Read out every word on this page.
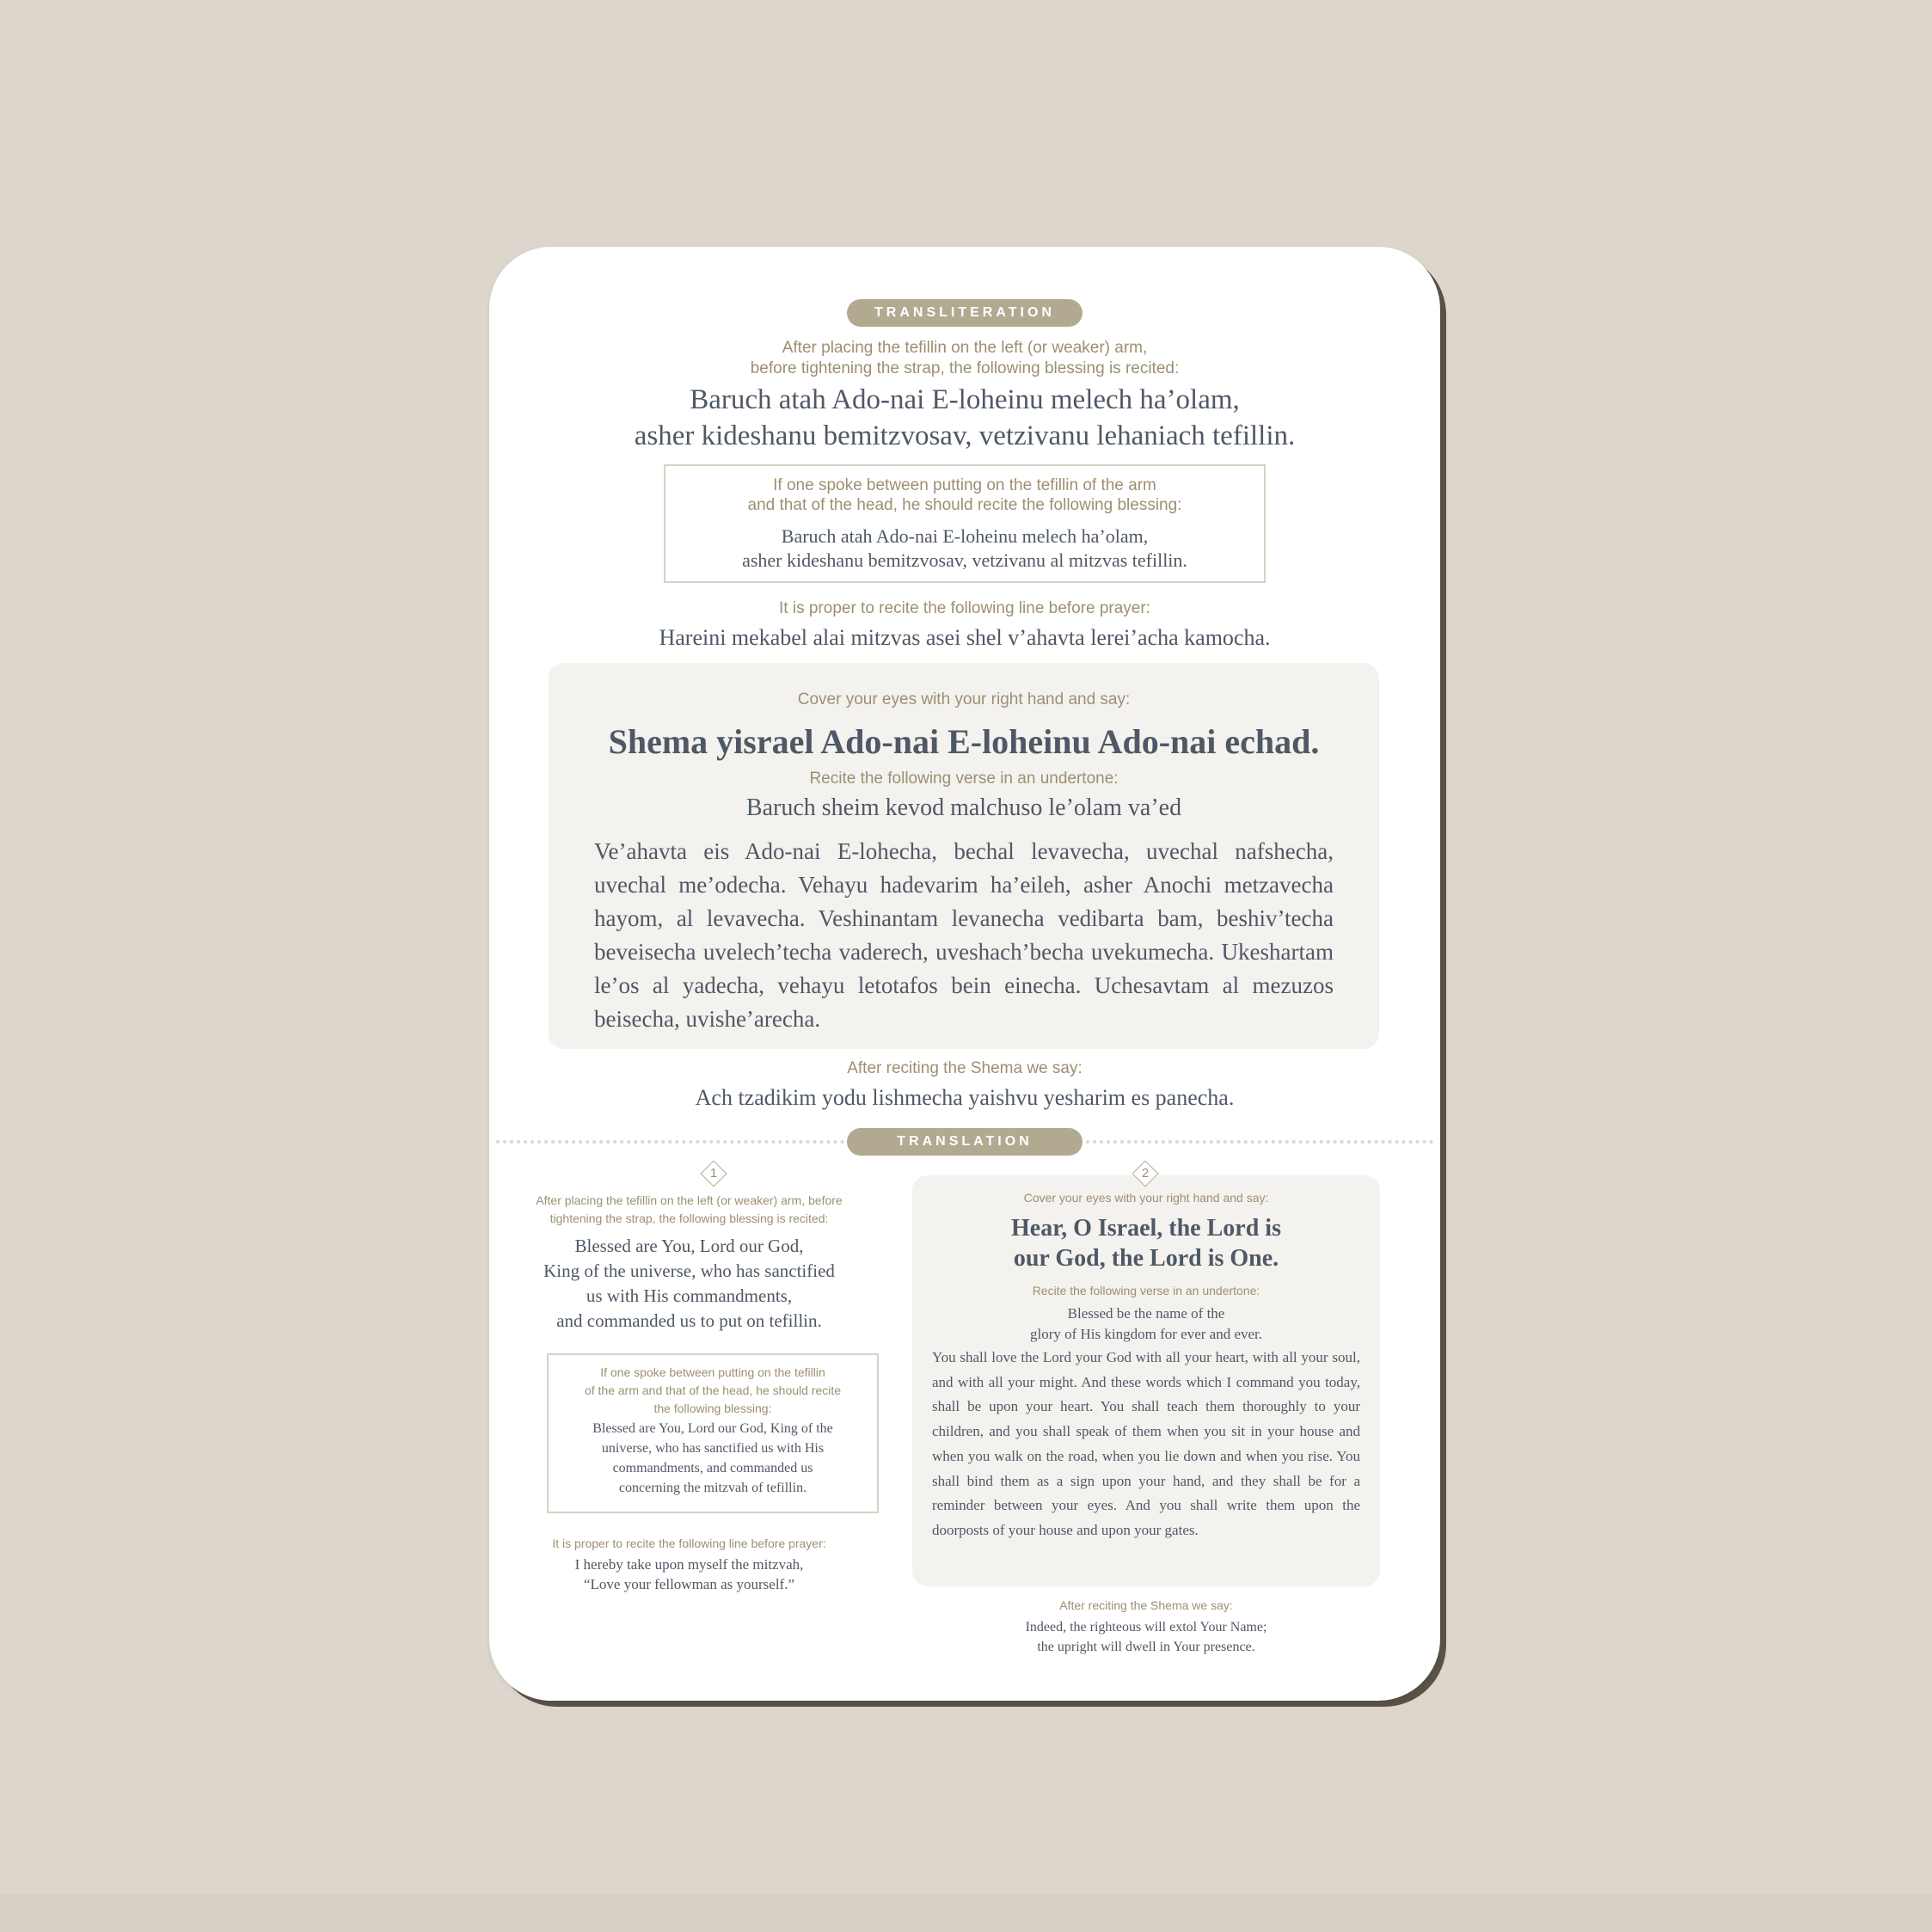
TRANSLITERATION
After placing the tefillin on the left (or weaker) arm,
before tightening the strap, the following blessing is recited:
Baruch atah Ado-nai E-loheinu melech ha’olam,
asher kideshanu bemitzvosav, vetzivanu lehaniach tefillin.
If one spoke between putting on the tefillin of the arm
and that of the head, he should recite the following blessing:
Baruch atah Ado-nai E-loheinu melech ha’olam,
asher kideshanu bemitzvosav, vetzivanu al mitzvas tefillin.
It is proper to recite the following line before prayer:
Hareini mekabel alai mitzvas asei shel v’ahavta lerei’acha kamocha.
Cover your eyes with your right hand and say:
Shema yisrael Ado-nai E-loheinu Ado-nai echad.
Recite the following verse in an undertone:
Baruch sheim kevod malchuso le’olam va’ed
Ve’ahavta eis Ado-nai E-lohecha, bechal levavecha, uvechal nafshecha, uvechal me’odecha. Vehayu hadevarim ha’eileh, asher Anochi metzavecha hayom, al levavecha. Veshinantam levanecha vedibarta bam, beshiv’techa beveisecha uvelech’techa vaderech, uveshach’becha uvekumecha. Ukeshartam le’os al yadecha, vehayu letotafos bein einecha. Uchesavtam al mezuzos beisecha, uvishe’arecha.
After reciting the Shema we say:
Ach tzadikim yodu lishmecha yaishvu yesharim es panecha.
TRANSLATION
1
After placing the tefillin on the left (or weaker) arm, before
tightening the strap, the following blessing is recited:
Blessed are You, Lord our God,
King of the universe, who has sanctified
us with His commandments,
and commanded us to put on tefillin.
If one spoke between putting on the tefillin
of the arm and that of the head, he should recite
the following blessing:
Blessed are You, Lord our God, King of the
universe, who has sanctified us with His
commandments, and commanded us
concerning the mitzvah of tefillin.
It is proper to recite the following line before prayer:
I hereby take upon myself the mitzvah,
“Love your fellowman as yourself.”
Cover your eyes with your right hand and say:
Hear, O Israel, the Lord is
our God, the Lord is One.
Recite the following verse in an undertone:
Blessed be the name of the
glory of His kingdom for ever and ever.
You shall love the Lord your God with all your heart, with all your soul, and with all your might. And these words which I command you today, shall be upon your heart. You shall teach them thoroughly to your children, and you shall speak of them when you sit in your house and when you walk on the road, when you lie down and when you rise. You shall bind them as a sign upon your hand, and they shall be for a reminder between your eyes. And you shall write them upon the doorposts of your house and upon your gates.
2
After reciting the Shema we say:
Indeed, the righteous will extol Your Name;
the upright will dwell in Your presence.
